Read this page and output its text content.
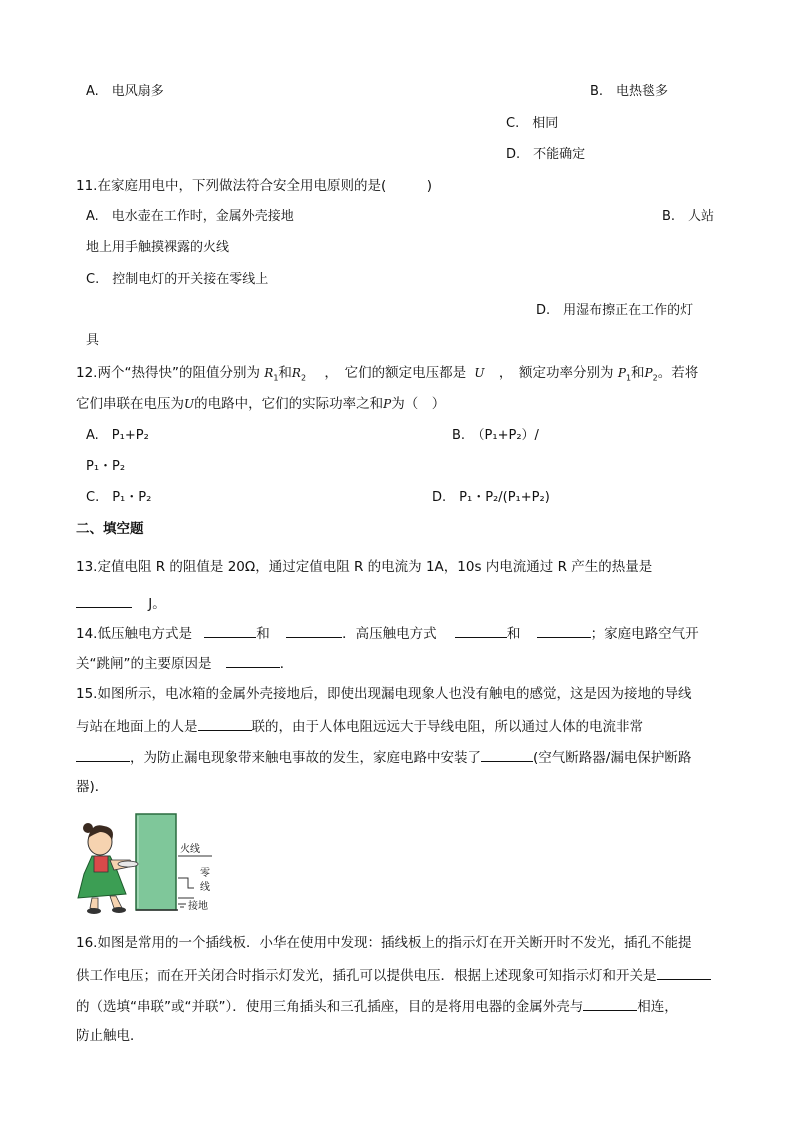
A.　电风扇多	B.　电热毯多
C.　相同
D.　不能确定
11.在家庭用电中，下列做法符合安全用电原则的是(　　　)
A.　电水壶在工作时，金属外壳接地	B.　人站
地上用手触摸裸露的火线
C.　控制电灯的开关接在零线上
D.　用湿布擦正在工作的灯
具
12.两个“热得快”的阻值分别为 $R_1$和$R_2$ ，　它们的额定电压都是 U ，　额定功率分别为 $P_1$和$P_2$。若将
它们串联在电压为U的电路中，它们的实际功率之和P为（　）
A.　P₁+P₂	B.　（P₁+P₂）/
P₁・P₂
C.　P₁・P₂	D.　P₁・P₂/(P₁+P₂)
二、填空题
13.定值电阻 R 的阻值是 20Ω，通过定值电阻 R 的电流为 1A，10s 内电流通过 R 产生的热量是
J。
14.低压触电方式是	和	．高压触电方式	和	；家庭电路空气开
关“跳闸”的主要原因是	．
15.如图所示，电冰箱的金属外壳接地后，即使出现漏电现象人也没有触电的感觉，这是因为接地的导线
与站在地面上的人是	联的，由于人体电阻远远大于导线电阻，所以通过人体的电流非常
，为防止漏电现象带来触电事故的发生，家庭电路中安装了	(空气断路器/漏电保护断路
器)．
火线
零
线
接地
16.如图是常用的一个插线板．小华在使用中发现：插线板上的指示灯在开关断开时不发光，插孔不能提
供工作电压；而在开关闭合时指示灯发光，插孔可以提供电压．根据上述现象可知指示灯和开关是
的（选填“串联”或“并联”）．使用三角插头和三孔插座，目的是将用电器的金属外壳与	相连，
防止触电．
